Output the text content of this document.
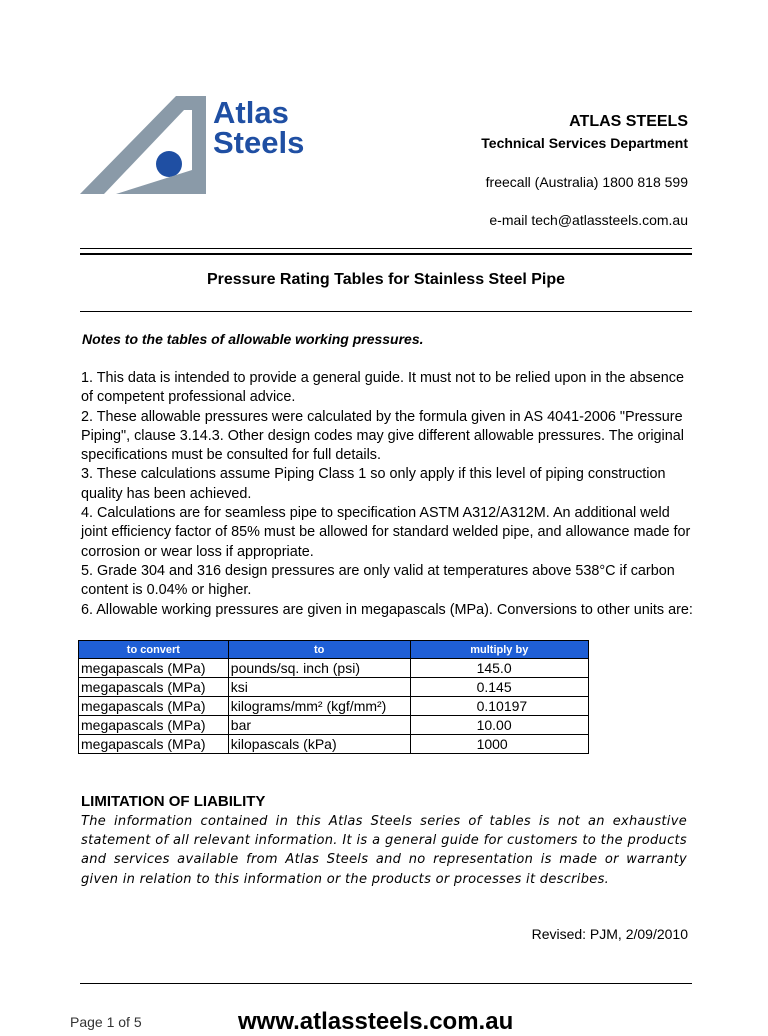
Atlas
Steels
ATLAS STEELS
Technical Services Department
freecall (Australia) 1800 818 599
e-mail tech@atlassteels.com.au
Pressure Rating Tables for Stainless Steel Pipe
Notes to the tables of allowable working pressures.

1. This data is intended to provide a general guide. It must not to be relied upon in the absence of competent professional advice.

2. These allowable pressures were calculated by the formula given in AS 4041-2006 "Pressure Piping", clause 3.14.3. Other design codes may give different allowable pressures. The original specifications must be consulted for full details.

3. These calculations assume Piping Class 1 so only apply if this level of piping construction quality has been achieved.

4. Calculations are for seamless pipe to specification ASTM A312/A312M. An additional weld joint efficiency factor of 85% must be allowed for standard welded pipe, and allowance made for corrosion or wear loss if appropriate.

5. Grade 304 and 316 design pressures are only valid at temperatures above 538°C if carbon content is 0.04% or higher.

6. Allowable working pressures are given in megapascals (MPa). Conversions to other units are:

to convert	to	multiply by
megapascals (MPa)	pounds/sq. inch (psi)	145.0
megapascals (MPa)	ksi	0.145
megapascals (MPa)	kilograms/mm² (kgf/mm²)	0.10197
megapascals (MPa)	bar	10.00
megapascals (MPa)	kilopascals (kPa)	1000
LIMITATION OF LIABILITY
The information contained in this Atlas Steels series of tables is not an exhaustive statement of all relevant information. It is a general guide for customers to the products and services available from Atlas Steels and no representation is made or warranty given in relation to this information or the products or processes it describes.
Revised: PJM, 2/09/2010
Page 1 of 5	www.atlassteels.com.au
